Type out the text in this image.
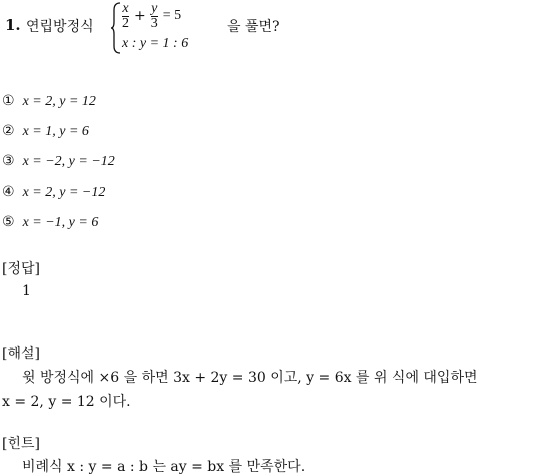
1. 연립방정식 $\frac{x}{2} + \frac{y}{3} = 5$
x : y = 1 : 6
을 풀면?
① x = 2, y = 12
② x = 1, y = 6
③ x = −2, y = −12
④ x = 2, y = −12
⑤ x = −1, y = 6
[정답]
1
[해설]
윗 방정식에 ×6 을 하면 3x + 2y = 30 이고, y = 6x 를 위 식에 대입하면
x = 2, y = 12 이다.
[힌트]
비례식 x : y = a : b 는 ay = bx 를 만족한다.
